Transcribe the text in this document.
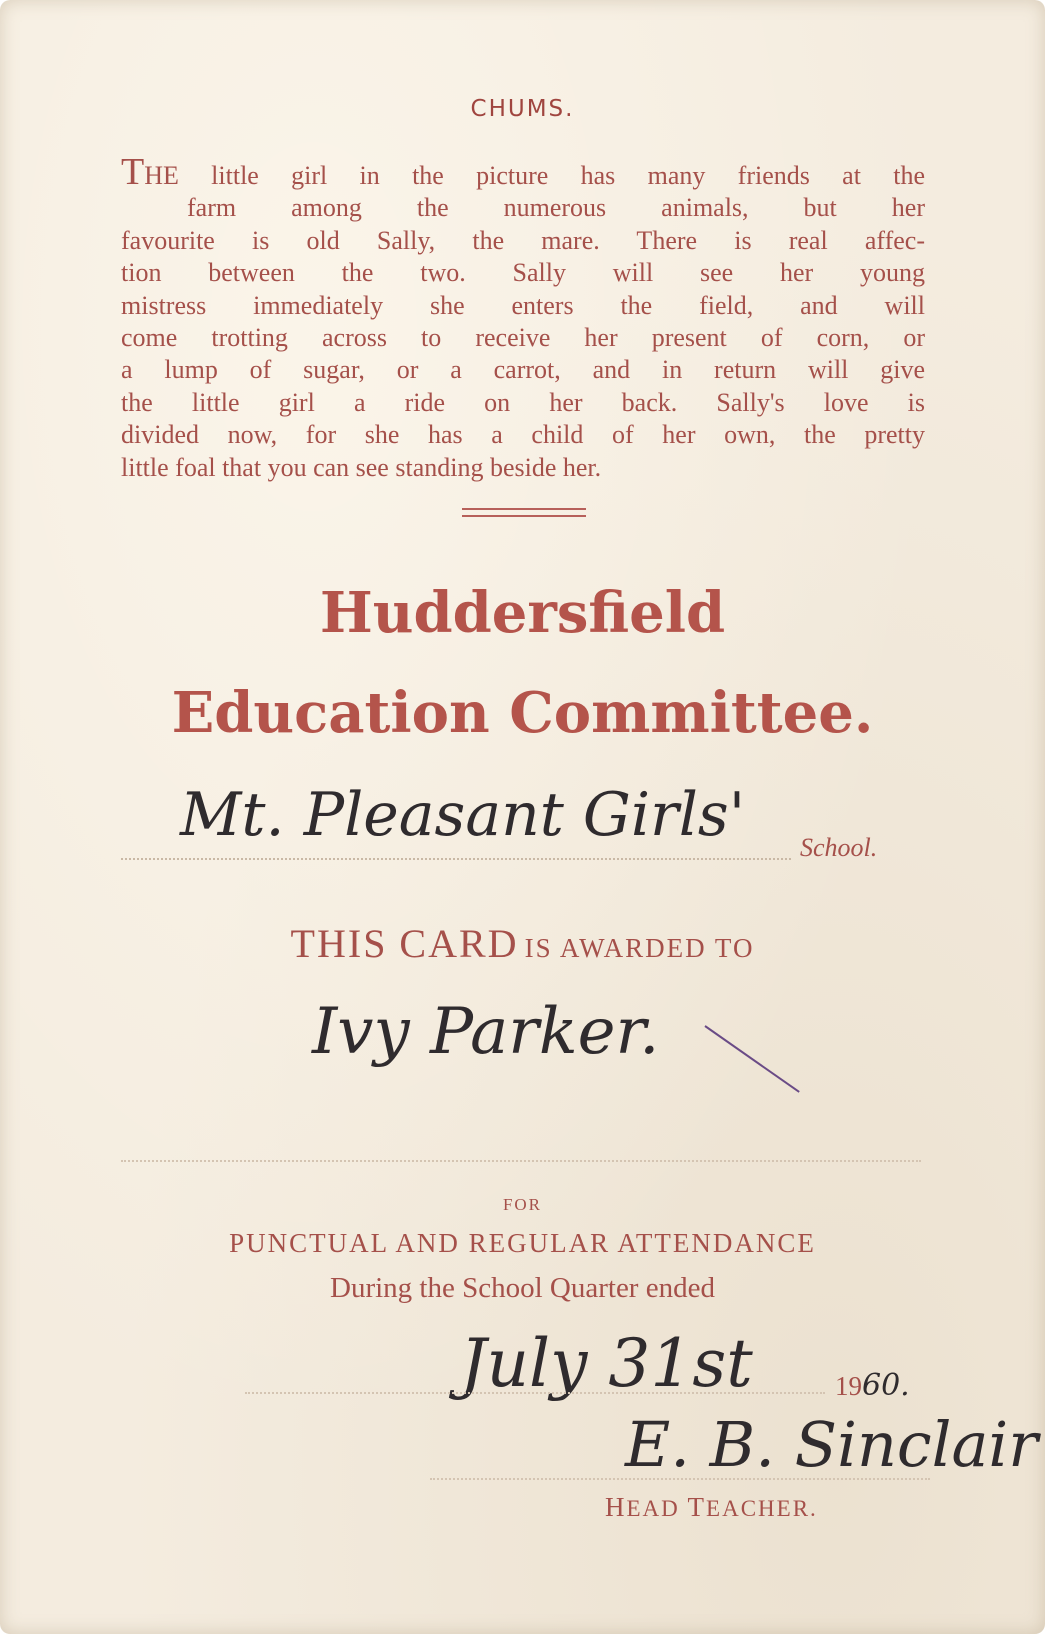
CHUMS.
THE little girl in the picture has many friends at the
farm among the numerous animals, but her
favourite is old Sally, the mare. There is real affec-
tion between the two. Sally will see her young
mistress immediately she enters the field, and will
come trotting across to receive her present of corn, or
a lump of sugar, or a carrot, and in return will give
the little girl a ride on her back. Sally's love is
divided now, for she has a child of her own, the pretty
little foal that you can see standing beside her.
Huddersfield
Education Committee.
Mt. Pleasant Girls' School.
THIS CARD IS AWARDED TO
Ivy Parker.
FOR
PUNCTUAL AND REGULAR ATTENDANCE
During the School Quarter ended
July 31st	1960.
E. B. Sinclair
HEAD TEACHER.
